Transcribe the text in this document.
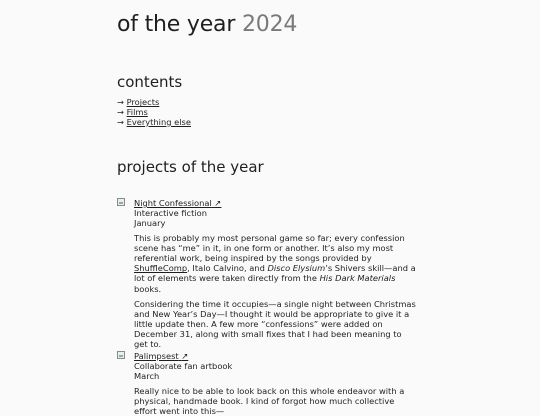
of the year 2024
contents
→ Projects
→ Films
→ Everything else
projects of the year
Night Confessional ↗
Interactive fiction
January

This is probably my most personal game so far; every confession scene has “me” in it, in one form or another. It’s also my most referential work, being inspired by the songs provided by ShuffleComp, Italo Calvino, and Disco Elysium’s Shivers skill—and a lot of elements were taken directly from the His Dark Materials books.

Considering the time it occupies—a single night between Christmas and New Year’s Day—I thought it would be appropriate to give it a little update then. A few more “confessions” were added on December 31, along with small fixes that I had been meaning to get to.

Palimpsest ↗
Collaborate fan artbook
March

Really nice to be able to look back on this whole endeavor with a physical, handmade book. I kind of forgot how much collective effort went into this—
